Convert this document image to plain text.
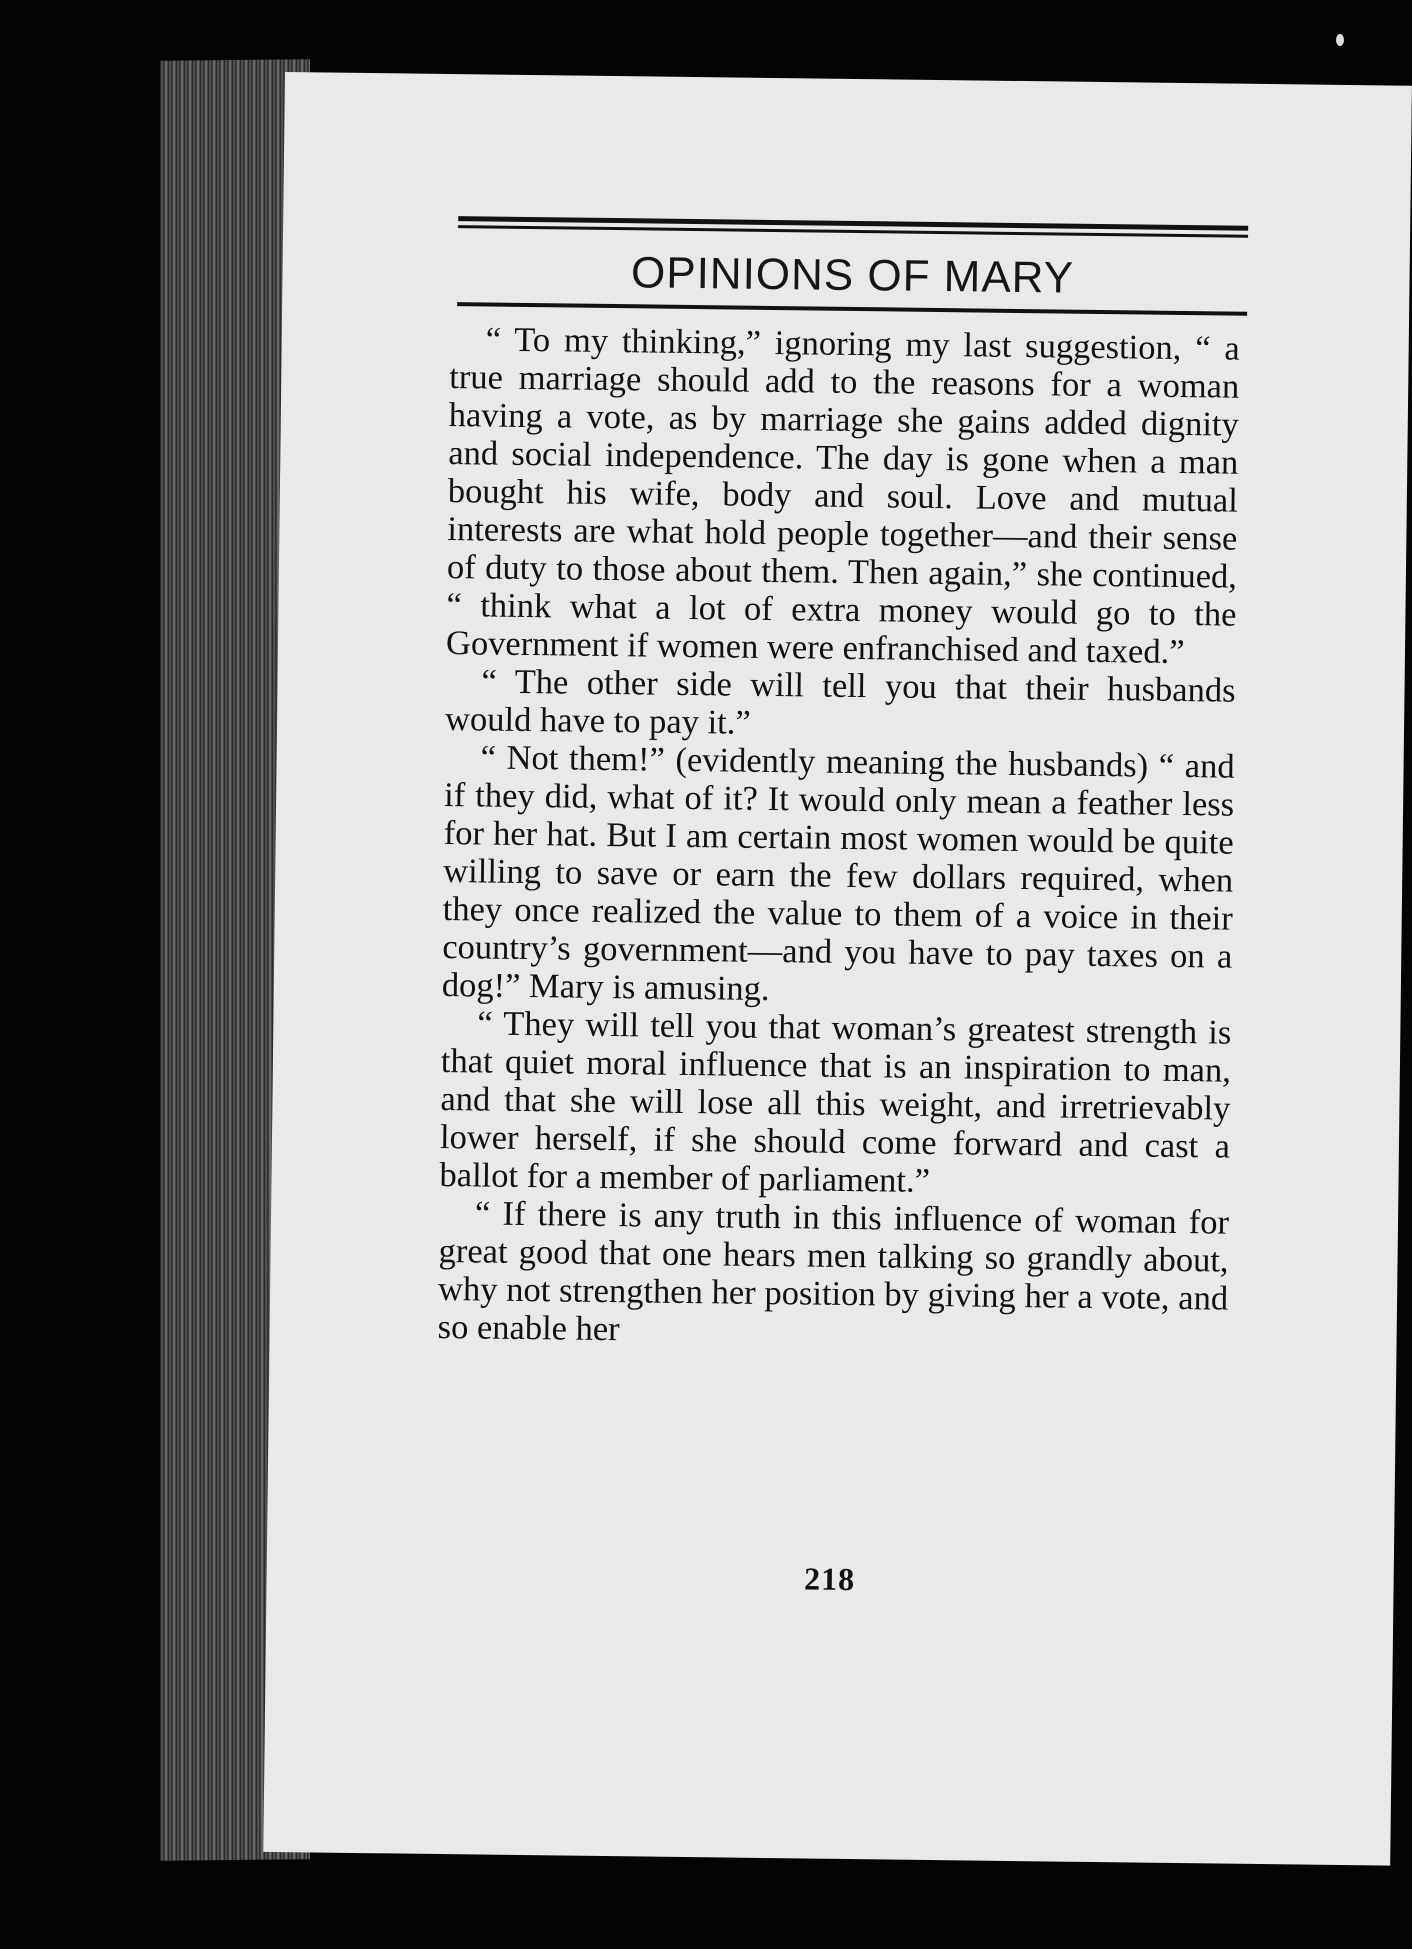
OPINIONS OF MARY

“ To my thinking,” ignoring my last suggestion, “ a true marriage should add to the reasons for a woman having a vote, as by marriage she gains added dignity and social independence. The day is gone when a man bought his wife, body and soul. Love and mutual interests are what hold people together—and their sense of duty to those about them. Then again,” she continued, “ think what a lot of extra money would go to the Government if women were enfranchised and taxed.”

“ The other side will tell you that their husbands would have to pay it.”

“ Not them!” (evidently meaning the husbands) “ and if they did, what of it? It would only mean a feather less for her hat. But I am certain most women would be quite willing to save or earn the few dollars required, when they once realized the value to them of a voice in their country’s government—and you have to pay taxes on a dog!” Mary is amusing.

“ They will tell you that woman’s greatest strength is that quiet moral influence that is an inspiration to man, and that she will lose all this weight, and irretrievably lower herself, if she should come forward and cast a ballot for a member of parliament.”

“ If there is any truth in this influence of woman for great good that one hears men talking so grandly about, why not strengthen her position by giving her a vote, and so enable her

218
